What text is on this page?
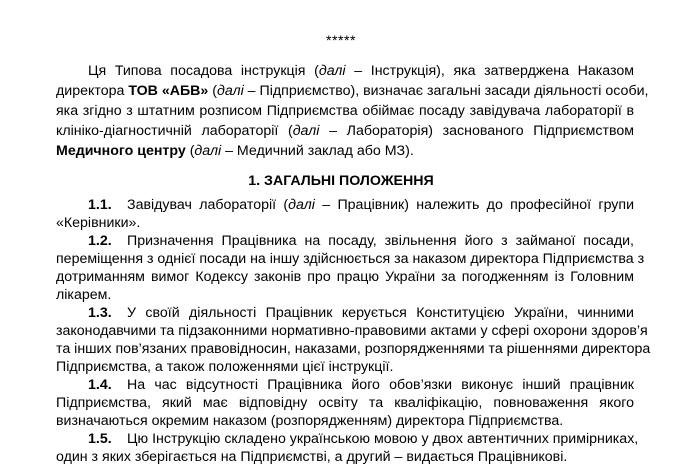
*****
Ця Типова посадова інструкція (далі – Інструкція), яка затверджена Наказом
директора ТОВ «АБВ» (далі – Підприємство), визначає загальні засади діяльності особи,
яка згідно з штатним розписом Підприємства обіймає посаду завідувача лабораторії в
клініко-діагностичній лабораторії (далі – Лабораторія) заснованого Підприємством
Медичного центру (далі – Медичний заклад або МЗ).
1. ЗАГАЛЬНІ ПОЛОЖЕННЯ
1.1. Завідувач лабораторії (далі – Працівник) належить до професійної групи
«Керівники».
1.2. Призначення Працівника на посаду, звільнення його з займаної посади,
переміщення з однієї посади на іншу здійснюється за наказом директора Підприємства з
дотриманням вимог Кодексу законів про працю України за погодженням із Головним
лікарем.
1.3. У своїй діяльності Працівник керується Конституцією України, чинними
законодавчими та підзаконними нормативно-правовими актами у сфері охорони здоров’я
та інших пов’язаних правовідносин, наказами, розпорядженнями та рішеннями директора
Підприємства, а також положеннями цієї інструкції.
1.4. На час відсутності Працівника його обов’язки виконує інший працівник
Підприємства, який має відповідну освіту та кваліфікацію, повноваження якого
визначаються окремим наказом (розпорядженням) директора Підприємства.
1.5. Цю Інструкцію складено українською мовою у двох автентичних примірниках,
один з яких зберігається на Підприємстві, а другий – видається Працівникові.
